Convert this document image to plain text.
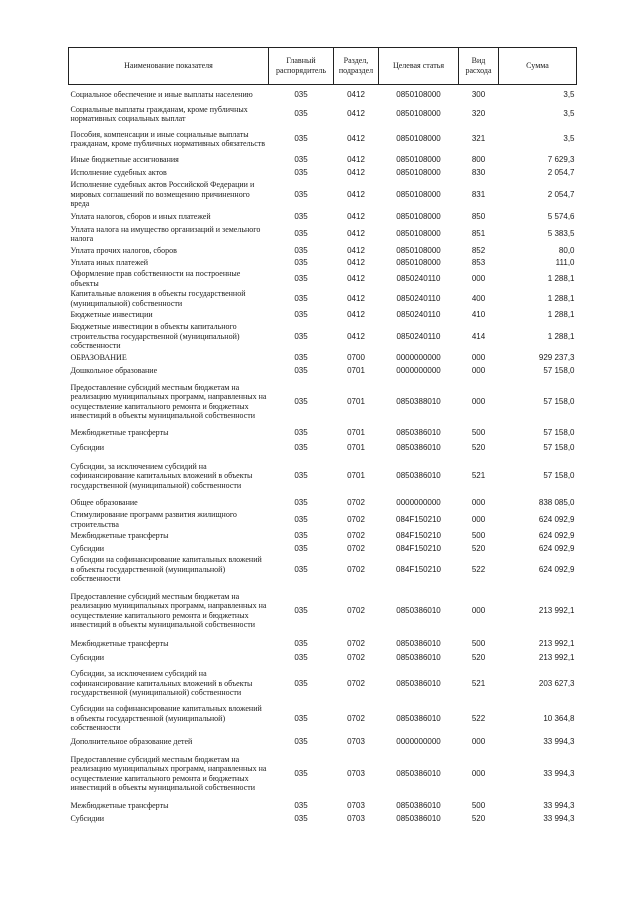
Наименование показателя	Главный распорядитель	Раздел, подраздел	Целевая статья	Вид расхода	Сумма
Социальное обеспечение и иные выплаты населению	035	0412	0850108000	300	3,5
Социальные выплаты гражданам, кроме публичных нормативных социальных выплат	035	0412	0850108000	320	3,5
Пособия, компенсации и иные социальные выплаты гражданам, кроме публичных нормативных обязательств	035	0412	0850108000	321	3,5
Иные бюджетные ассигнования	035	0412	0850108000	800	7 629,3
Исполнение судебных актов	035	0412	0850108000	830	2 054,7
Исполнение судебных актов Российской Федерации и мировых соглашений по возмещению причиненного вреда	035	0412	0850108000	831	2 054,7
Уплата налогов, сборов и иных платежей	035	0412	0850108000	850	5 574,6
Уплата налога на имущество организаций и земельного налога	035	0412	0850108000	851	5 383,5
Уплата прочих налогов, сборов	035	0412	0850108000	852	80,0
Уплата иных платежей	035	0412	0850108000	853	111,0
Оформление прав собственности на построенные объекты	035	0412	0850240110	000	1 288,1
Капитальные вложения в объекты государственной (муниципальной) собственности	035	0412	0850240110	400	1 288,1
Бюджетные инвестиции	035	0412	0850240110	410	1 288,1
Бюджетные инвестиции в объекты капитального строительства государственной (муниципальной) собственности	035	0412	0850240110	414	1 288,1
ОБРАЗОВАНИЕ	035	0700	0000000000	000	929 237,3
Дошкольное образование	035	0701	0000000000	000	57 158,0
Предоставление субсидий местным бюджетам на реализацию муниципальных программ, направленных на осуществление капитального ремонта и бюджетных инвестиций в объекты муниципальной собственности	035	0701	0850388010	000	57 158,0
Межбюджетные трансферты	035	0701	0850386010	500	57 158,0
Субсидии	035	0701	0850386010	520	57 158,0
Субсидии, за исключением субсидий на софинансирование капитальных вложений в объекты государственной (муниципальной) собственности	035	0701	0850386010	521	57 158,0
Общее образование	035	0702	0000000000	000	838 085,0
Стимулирование программ развития жилищного строительства	035	0702	084F150210	000	624 092,9
Межбюджетные трансферты	035	0702	084F150210	500	624 092,9
Субсидии	035	0702	084F150210	520	624 092,9
Субсидии на софинансирование капитальных вложений в объекты государственной (муниципальной) собственности	035	0702	084F150210	522	624 092,9
Предоставление субсидий местным бюджетам на реализацию муниципальных программ, направленных на осуществление капитального ремонта и бюджетных инвестиций в объекты муниципальной собственности	035	0702	0850386010	000	213 992,1
Межбюджетные трансферты	035	0702	0850386010	500	213 992,1
Субсидии	035	0702	0850386010	520	213 992,1
Субсидии, за исключением субсидий на софинансирование капитальных вложений в объекты государственной (муниципальной) собственности	035	0702	0850386010	521	203 627,3
Субсидии на софинансирование капитальных вложений в объекты государственной (муниципальной) собственности	035	0702	0850386010	522	10 364,8
Дополнительное образование детей	035	0703	0000000000	000	33 994,3
Предоставление субсидий местным бюджетам на реализацию муниципальных программ, направленных на осуществление капитального ремонта и бюджетных инвестиций в объекты муниципальной собственности	035	0703	0850386010	000	33 994,3
Межбюджетные трансферты	035	0703	0850386010	500	33 994,3
Субсидии	035	0703	0850386010	520	33 994,3
